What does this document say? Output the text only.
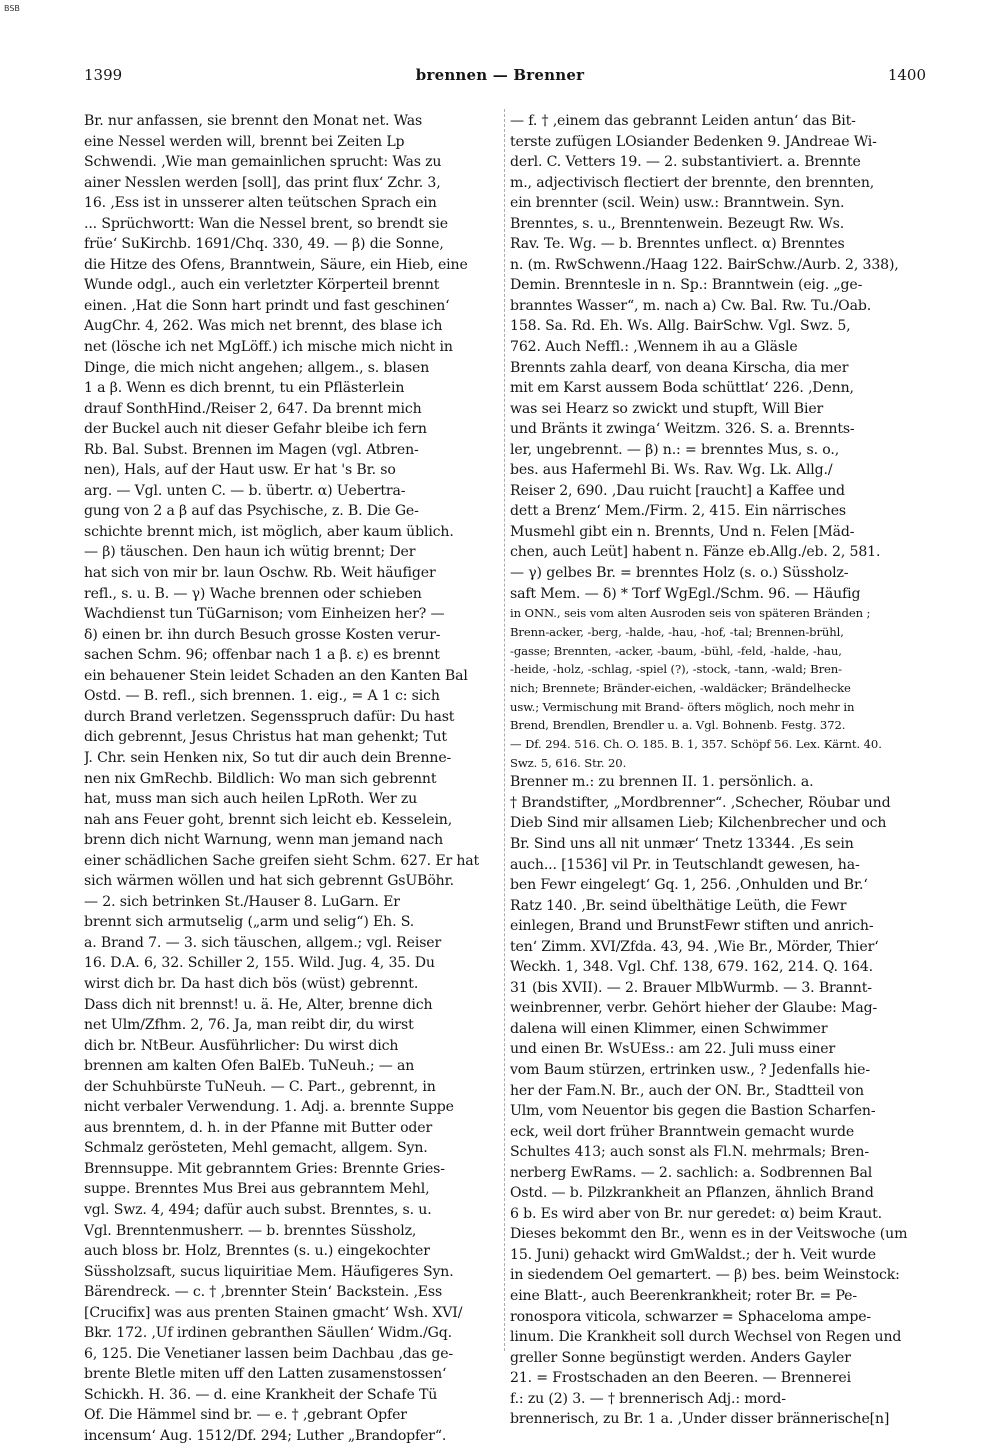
BSB
1399	brennen — Brenner	1400
Br. nur anfassen, sie brennt den Monat net. Was
eine Nessel werden will, brennt bei Zeiten Lp
Schwendi. ‚Wie man gemainlichen sprucht: Was zu
ainer Nesslen werden [soll], das print flux‘ Zchr. 3,
16. ‚Ess ist in unsserer alten teütschen Sprach ein
... Sprüchwortt: Wan die Nessel brent, so brendt sie
früe‘ SuKirchb. 1691/Chq. 330, 49. — β) die Sonne,
die Hitze des Ofens, Branntwein, Säure, ein Hieb, eine
Wunde odgl., auch ein verletzter Körperteil brennt
einen. ‚Hat die Sonn hart prindt und fast geschinen‘
AugChr. 4, 262. Was mich net brennt, des blase ich
net (lösche ich net MgLöff.) ich mische mich nicht in
Dinge, die mich nicht angehen; allgem., s. blasen
1 a β. Wenn es dich brennt, tu ein Pflästerlein
drauf SonthHind./Reiser 2, 647. Da brennt mich
der Buckel auch nit dieser Gefahr bleibe ich fern
Rb. Bal. Subst. Brennen im Magen (vgl. Atbren-
nen), Hals, auf der Haut usw. Er hat 's Br. so
arg. — Vgl. unten C. — b. übertr. α) Uebertra-
gung von 2 a β auf das Psychische, z. B. Die Ge-
schichte brennt mich, ist möglich, aber kaum üblich.
— β) täuschen. Den haun ich wütig brennt; Der
hat sich von mir br. laun Oschw. Rb. Weit häufiger
refl., s. u. B. — γ) Wache brennen oder schieben
Wachdienst tun TüGarnison; vom Einheizen her? —
δ) einen br. ihn durch Besuch grosse Kosten verur-
sachen Schm. 96; offenbar nach 1 a β. ε) es brennt
ein behauener Stein leidet Schaden an den Kanten Bal
Ostd. — B. refl., sich brennen. 1. eig., = A 1 c: sich
durch Brand verletzen. Segensspruch dafür: Du hast
dich gebrennt, Jesus Christus hat man gehenkt; Tut
J. Chr. sein Henken nix, So tut dir auch dein Brenne-
nen nix GmRechb. Bildlich: Wo man sich gebrennt
hat, muss man sich auch heilen LpRoth. Wer zu
nah ans Feuer goht, brennt sich leicht eb. Kesselein,
brenn dich nicht Warnung, wenn man jemand nach
einer schädlichen Sache greifen sieht Schm. 627. Er hat
sich wärmen wöllen und hat sich gebrennt GsUBöhr.
— 2. sich betrinken St./Hauser 8. LuGarn. Er
brennt sich armutselig („arm und selig“) Eh. S.
a. Brand 7. — 3. sich täuschen, allgem.; vgl. Reiser
16. D.A. 6, 32. Schiller 2, 155. Wild. Jug. 4, 35. Du
wirst dich br. Da hast dich bös (wüst) gebrennt.
Dass dich nit brennst! u. ä. He, Alter, brenne dich
net Ulm/Zfhm. 2, 76. Ja, man reibt dir, du wirst
dich br. NtBeur. Ausführlicher: Du wirst dich
brennen am kalten Ofen BalEb. TuNeuh.; — an
der Schuhbürste TuNeuh. — C. Part., gebrennt, in
nicht verbaler Verwendung. 1. Adj. a. brennte Suppe
aus brenntem, d. h. in der Pfanne mit Butter oder
Schmalz gerösteten, Mehl gemacht, allgem. Syn.
Brennsuppe. Mit gebranntem Gries: Brennte Gries-
suppe. Brenntes Mus Brei aus gebranntem Mehl,
vgl. Swz. 4, 494; dafür auch subst. Brenntes, s. u.
Vgl. Brenntenmusherr. — b. brenntes Süssholz,
auch bloss br. Holz, Brenntes (s. u.) eingekochter
Süssholzsaft, sucus liquiritiae Mem. Häufigeres Syn.
Bärendreck. — c. † ‚brennter Stein‘ Backstein. ‚Ess
[Crucifix] was aus prenten Stainen gmacht‘ Wsh. XVI/
Bkr. 172. ‚Uf irdinen gebranthen Säullen‘ Widm./Gq.
6, 125. Die Venetianer lassen beim Dachbau ‚das ge-
brente Bletle miten uff den Latten zusamenstossen‘
Schickh. H. 36. — d. eine Krankheit der Schafe Tü
Of. Die Hämmel sind br. — e. † ‚gebrant Opfer
incensum‘ Aug. 1512/Df. 294; Luther „Brandopfer“.
— f. † ‚einem das gebrannt Leiden antun‘ das Bit-
terste zufügen LOsiander Bedenken 9. JAndreae Wi-
derl. C. Vetters 19. — 2. substantiviert. a. Brennte
m., adjectivisch flectiert der brennte, den brennten,
ein brennter (scil. Wein) usw.: Branntwein. Syn.
Brenntes, s. u., Brenntenwein. Bezeugt Rw. Ws.
Rav. Te. Wg. — b. Brenntes unflect. α) Brenntes
n. (m. RwSchwenn./Haag 122. BairSchw./Aurb. 2, 338),
Demin. Brenntesle in n. Sp.: Branntwein (eig. „ge-
branntes Wasser“, m. nach a) Cw. Bal. Rw. Tu./Oab.
158. Sa. Rd. Eh. Ws. Allg. BairSchw. Vgl. Swz. 5,
762. Auch Neffl.: ‚Wennem ih au a Gläsle
Brennts zahla dearf, von deana Kirscha, dia mer
mit em Karst aussem Boda schüttlat‘ 226. ‚Denn,
was sei Hearz so zwickt und stupft, Will Bier
und Bränts it zwinga‘ Weitzm. 326. S. a. Brennts-
ler, ungebrennt. — β) n.: = brenntes Mus, s. o.,
bes. aus Hafermehl Bi. Ws. Rav. Wg. Lk. Allg./
Reiser 2, 690. ‚Dau ruicht [raucht] a Kaffee und
dett a Brenz‘ Mem./Firm. 2, 415. Ein närrisches
Musmehl gibt ein n. Brennts, Und n. Felen [Mäd-
chen, auch Leüt] habent n. Fänze eb.Allg./eb. 2, 581.
— γ) gelbes Br. = brenntes Holz (s. o.) Süssholz-
saft Mem. — δ) * Torf WgEgl./Schm. 96. — Häufig
in ONN., seis vom alten Ausroden seis von späteren Bränden ;
Brenn-acker, -berg, -halde, -hau, -hof, -tal; Brennen-brühl,
-gasse; Brennten, -acker, -baum, -bühl, -feld, -halde, -hau,
-heide, -holz, -schlag, -spiel (?), -stock, -tann, -wald; Bren-
nich; Brennete; Bränder-eichen, -waldäcker; Brändelhecke
usw.; Vermischung mit Brand- öfters möglich, noch mehr in
Brend, Brendlen, Brendler u. a. Vgl. Bohnenb. Festg. 372.
— Df. 294. 516. Ch. O. 185. B. 1, 357. Schöpf 56. Lex. Kärnt. 40.
Swz. 5, 616. Str. 20.
Brenner m.: zu brennen II. 1. persönlich. a.
† Brandstifter, „Mordbrenner“. ‚Schecher, Röubar und
Dieb Sind mir allsamen Lieb; Kilchenbrecher und och
Br. Sind uns all nit unmær‘ Tnetz 13344. ‚Es sein
auch... [1536] vil Pr. in Teutschlandt gewesen, ha-
ben Fewr eingelegt‘ Gq. 1, 256. ‚Onhulden und Br.‘
Ratz 140. ‚Br. seind übelthätige Leüth, die Fewr
einlegen, Brand und BrunstFewr stiften und anrich-
ten‘ Zimm. XVI/Zfda. 43, 94. ‚Wie Br., Mörder, Thier‘
Weckh. 1, 348. Vgl. Chf. 138, 679. 162, 214. Q. 164.
31 (bis XVII). — 2. Brauer MlbWurmb. — 3. Brannt-
weinbrenner, verbr. Gehört hieher der Glaube: Mag-
dalena will einen Klimmer, einen Schwimmer
und einen Br. WsUEss.: am 22. Juli muss einer
vom Baum stürzen, ertrinken usw., ? Jedenfalls hie-
her der Fam.N. Br., auch der ON. Br., Stadtteil von
Ulm, vom Neuentor bis gegen die Bastion Scharfen-
eck, weil dort früher Branntwein gemacht wurde
Schultes 413; auch sonst als Fl.N. mehrmals; Bren-
nerberg EwRams. — 2. sachlich: a. Sodbrennen Bal
Ostd. — b. Pilzkrankheit an Pflanzen, ähnlich Brand
6 b. Es wird aber von Br. nur geredet: α) beim Kraut.
Dieses bekommt den Br., wenn es in der Veitswoche (um
15. Juni) gehackt wird GmWaldst.; der h. Veit wurde
in siedendem Oel gemartert. — β) bes. beim Weinstock:
eine Blatt-, auch Beerenkrankheit; roter Br. = Pe-
ronospora viticola, schwarzer = Sphaceloma ampe-
linum. Die Krankheit soll durch Wechsel von Regen und
greller Sonne begünstigt werden. Anders Gayler
21. = Frostschaden an den Beeren. — Brennerei
f.: zu (2) 3. — † brennerisch Adj.: mord-
brennerisch, zu Br. 1 a. ‚Under disser brännerische[n]
